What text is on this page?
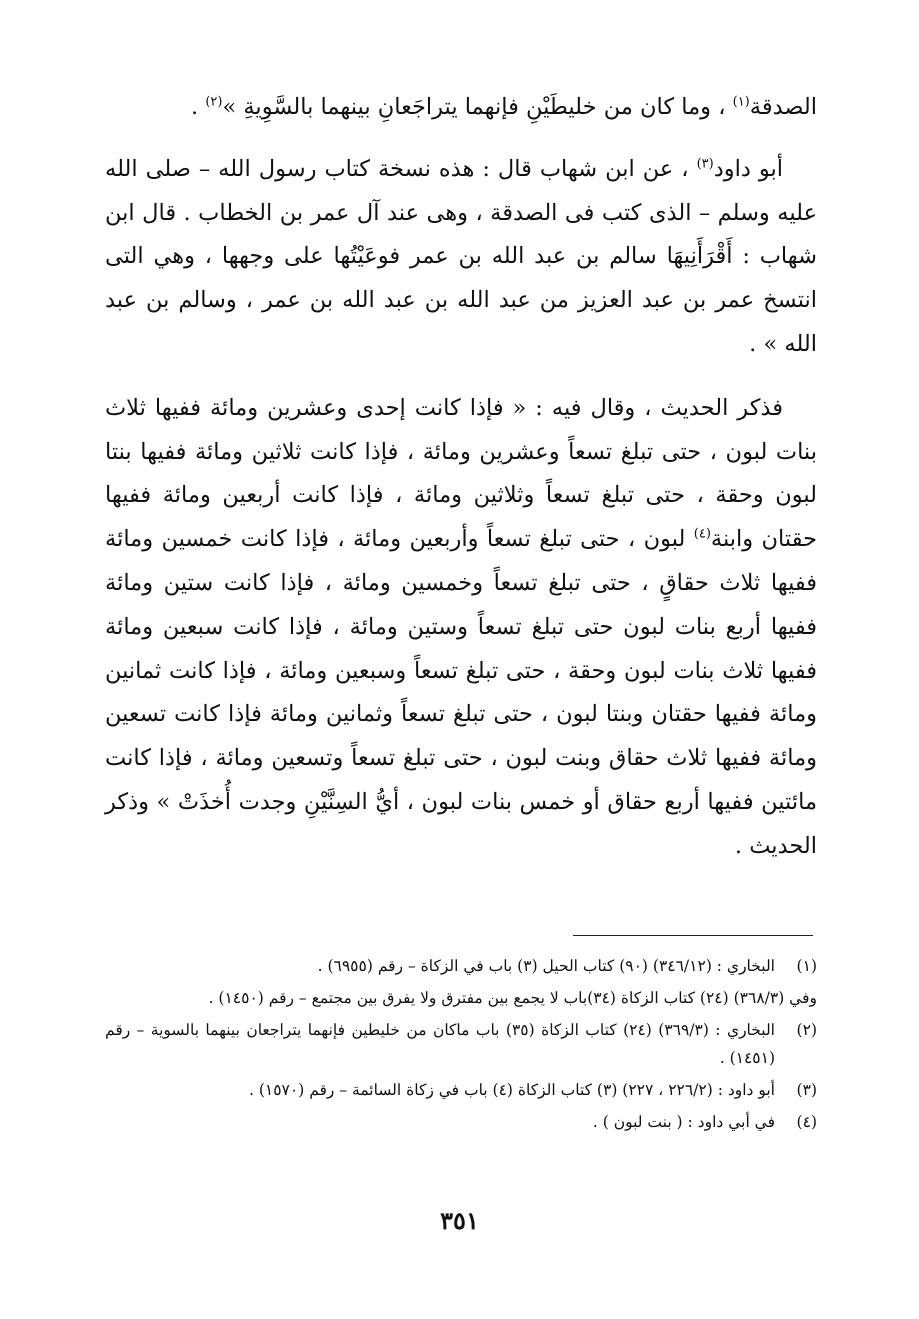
الصدقة$^{(١)}$ ، وما كان من خليطَيْنِ فإنهما يتراجَعانِ بينهما بالسَّوِيةِ »$^{(٢)}$ .

أبو داود$^{(٣)}$ ، عن ابن شهاب قال : هذه نسخة كتاب رسول الله – صلى الله عليه وسلم – الذى كتب فى الصدقة ، وهى عند آل عمر بن الخطاب . قال ابن شهاب : أَقْرَأَنِيهَا سالم بن عبد الله بن عمر فوعَيْتُها على وجهها ، وهي التى انتسخ عمر بن عبد العزيز من عبد الله بن عبد الله بن عمر ، وسالم بن عبد الله » .

فذكر الحديث ، وقال فيه : « فإذا كانت إحدى وعشرين ومائة ففيها ثلاث بنات لبون ، حتى تبلغ تسعاً وعشرين ومائة ، فإذا كانت ثلاثين ومائة ففيها بنتا لبون وحقة ، حتى تبلغ تسعاً وثلاثين ومائة ، فإذا كانت أربعين ومائة ففيها حقتان وابنة$^{(٤)}$ لبون ، حتى تبلغ تسعاً وأربعين ومائة ، فإذا كانت خمسين ومائة ففيها ثلاث حقاقٍ ، حتى تبلغ تسعاً وخمسين ومائة ، فإذا كانت ستين ومائة ففيها أربع بنات لبون حتى تبلغ تسعاً وستين ومائة ، فإذا كانت سبعين ومائة ففيها ثلاث بنات لبون وحقة ، حتى تبلغ تسعاً وسبعين ومائة ، فإذا كانت ثمانين ومائة ففيها حقتان وبنتا لبون ، حتى تبلغ تسعاً وثمانين ومائة فإذا كانت تسعين ومائة ففيها ثلاث حقاق وبنت لبون ، حتى تبلغ تسعاً وتسعين ومائة ، فإذا كانت مائتين ففيها أربع حقاق أو خمس بنات لبون ، أيُّ السِنَّيْنِ وجدت أُخذَتْ » وذكر الحديث .

(١)
البخاري : (٣٤٦/١٢) (٩٠) كتاب الحيل (٣) باب في الزكاة – رقم (٦٩٥٥) .
وفي (٣٦٨/٣) (٢٤) كتاب الزكاة (٣٤)باب لا يجمع بين مفترق ولا يفرق بين مجتمع – رقم (١٤٥٠) .
(٢)
البخاري : (٣٦٩/٣) (٢٤) كتاب الزكاة (٣٥) باب ماكان من خليطين فإنهما يتراجعان بينهما بالسوية – رقم (١٤٥١) .
(٣)
أبو داود : (٢٢٦/٢ ، ٢٢٧) (٣) كتاب الزكاة (٤) باب في زكاة السائمة – رقم (١٥٧٠) .
(٤)
في أبي داود : ( بنت لبون ) .
٣٥١
